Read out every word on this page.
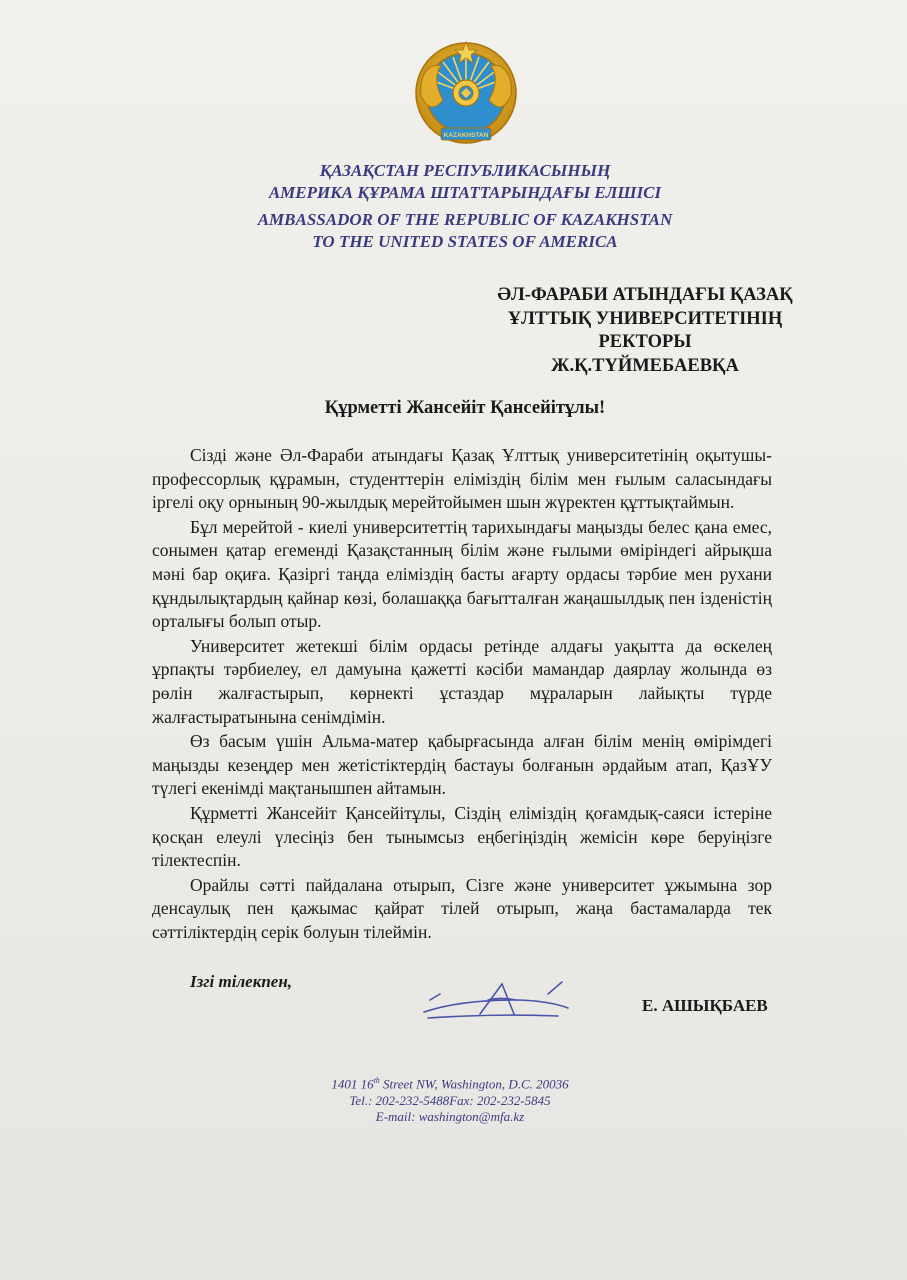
KAZAKHSTAN
ҚАЗАҚСТАН РЕСПУБЛИКАСЫНЫҢ
АМЕРИКА ҚҰРАМА ШТАТТАРЫНДАҒЫ ЕЛШІСІ
AMBASSADOR OF THE REPUBLIC OF KAZAKHSTAN
TO THE UNITED STATES OF AMERICA
ӘЛ-ФАРАБИ АТЫНДАҒЫ ҚАЗАҚ
ҰЛТТЫҚ УНИВЕРСИТЕТІНІҢ
РЕКТОРЫ
Ж.Қ.ТҮЙМЕБАЕВҚА
Құрметті Жансейіт Қансейітұлы!

Сізді және Әл-Фараби атындағы Қазақ Ұлттық университетінің оқытушы-профессорлық құрамын, студенттерін еліміздің білім мен ғылым саласындағы іргелі оқу орнының 90-жылдық мерейтойымен шын жүректен құттықтаймын.

Бұл мерейтой - киелі университеттің тарихындағы маңызды белес қана емес, сонымен қатар егеменді Қазақстанның білім және ғылыми өміріндегі айрықша мәні бар оқиға. Қазіргі таңда еліміздің басты ағарту ордасы тәрбие мен рухани құндылықтардың қайнар көзі, болашаққа бағытталған жаңашылдық пен ізденістің орталығы болып отыр.

Университет жетекші білім ордасы ретінде алдағы уақытта да өскелең ұрпақты тәрбиелеу, ел дамуына қажетті кәсіби мамандар даярлау жолында өз рөлін жалғастырып, көрнекті ұстаздар мұраларын лайықты түрде жалғастыратынына сенімдімін.

Өз басым үшін Альма-матер қабырғасында алған білім менің өмірімдегі маңызды кезеңдер мен жетістіктердің бастауы болғанын әрдайым атап, ҚазҰУ түлегі екенімді мақтанышпен айтамын.

Құрметті Жансейіт Қансейітұлы, Сіздің еліміздің қоғамдық-саяси істеріне қосқан елеулі үлесіңіз бен тынымсыз еңбегіңіздің жемісін көре беруіңізге тілектеспін.

Орайлы сәтті пайдалана отырып, Сізге және университет ұжымына зор денсаулық пен қажымас қайрат тілей отырып, жаңа бастамаларда тек сәттіліктердің серік болуын тілеймін.

Ізгі тілекпен,
Е. АШЫҚБАЕВ
1401 16th Street NW, Washington, D.C. 20036
Tel.: 202-232-5488Fax: 202-232-5845
E-mail: washington@mfa.kz
